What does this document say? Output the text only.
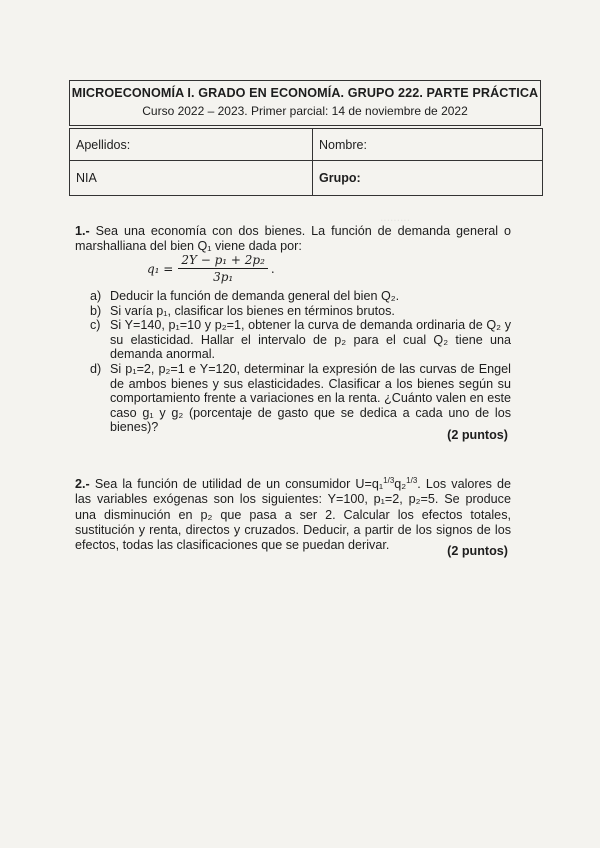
.........
MICROECONOMÍA I. GRADO EN ECONOMÍA. GRUPO 222. PARTE PRÁCTICA
Curso 2022 – 2023. Primer parcial: 14 de noviembre de 2022
Apellidos:	Nombre:
NIA	Grupo:
1.- Sea una economía con dos bienes. La función de demanda general o marshalliana del bien Q₁ viene dada por:
$q_1 = \frac{\text{2Y − p₁ + 2p₂}}{\text{3p₁}}$ .
a) Deducir la función de demanda general del bien Q₂.
b) Si varía p₁, clasificar los bienes en términos brutos.
c) Si Y=140, p₁=10 y p₂=1, obtener la curva de demanda ordinaria de Q₂ y su elasticidad. Hallar el intervalo de p₂ para el cual Q₂ tiene una demanda anormal.
d) Si p₁=2, p₂=1 e Y=120, determinar la expresión de las curvas de Engel de ambos bienes y sus elasticidades. Clasificar a los bienes según su comportamiento frente a variaciones en la renta. ¿Cuánto valen en este caso g₁ y g₂ (porcentaje de gasto que se dedica a cada uno de los bienes)?
(2 puntos)
2.- Sea la función de utilidad de un consumidor U=q₁$^{1/3}$q₂$^{1/3}$. Los valores de las variables exógenas son los siguientes: Y=100, p₁=2, p₂=5. Se produce una disminución en p₂ que pasa a ser 2. Calcular los efectos totales, sustitución y renta, directos y cruzados. Deducir, a partir de los signos de los efectos, todas las clasificaciones que se puedan derivar.	(2 puntos)
